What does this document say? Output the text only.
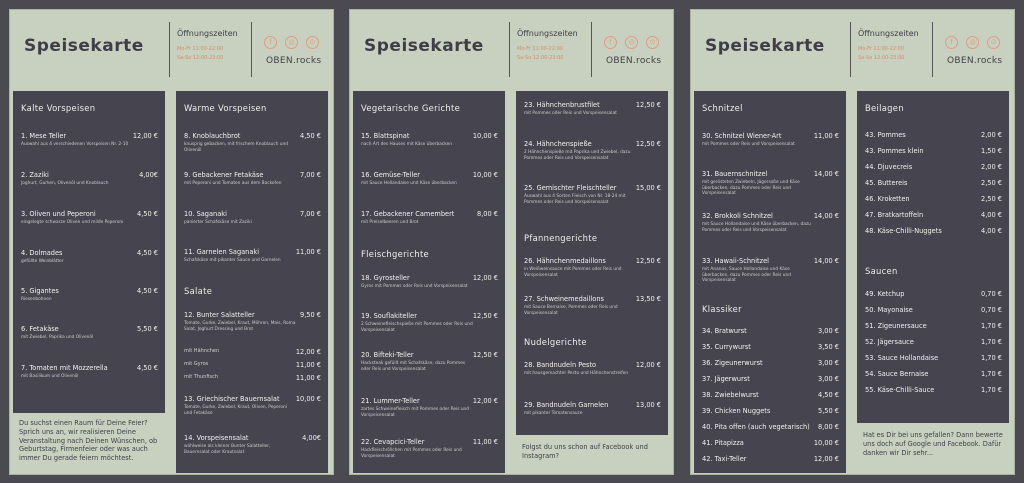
Speisekarte
Öffnungszeiten
Mo-Fr 11:00-22:00
Sa-So 12:00-23:00
f	◎	⊙
OBEN.rocks
Kalte Vorspeisen
1. Mese Teller	12,00 €
Auswahl aus 4 verschiedenen Vorspeisen Nr. 2-10
2. Zaziki	4,00€
Joghurt, Gurken, Olivenöl und Knoblauch
3. Oliven und Peperoni	4,50 €
eingelegte schwarze Oliven und milde Peperoni
4. Dolmades	4,50 €
gefüllte Weinblätter
5. Gigantes	4,50 €
Riesenbohnen
6. Fetakäse	5,50 €
mit Zwiebel, Paprika und Olivenöl
7. Tomaten mit Mozzerella	4,50 €
mit Basilikum und Olivenöl
Du suchst einen Raum für Deine Feier? Sprich uns an, wir realisieren Deine Veranstaltung nach Deinen Wünschen, ob Geburtstag, Firmenfeier oder was auch immer Du gerade feiern möchtest.
Warme Vorspeisen
8. Knoblauchbrot	4,50 €
knusprig gebacken, mit frischem Knoblauch und Olivenöl
9. Gebackener Fetakäse	7,00 €
mit Peperoni und Tomaten aus dem Backofen
10. Saganaki	7,00 €
panierter Schafskäse mit Zaziki
11. Garnelen Saganaki	11,00 €
Schafskäse mit pikanter Sauce und Garnelen
Salate
12. Bunter Salatteller	9,50 €
Tomate, Gurke, Zwiebel, Kraut, Möhren, Mais, Roma Salat, Joghurt Dressing und Brot
mit Hähnchen	12,00 €
mit Gyros	11,00 €
mit Thunfisch	11,00 €
13. Griechischer Bauernsalat 10,00 €
Tomate, Gurke, Zwiebel, Kraut, Oliven, Peperoni und Fetakäse
14. Vorspeisensalat	4,00€
wählweise als kleiner Bunter Salatteller, Bauernsalat oder Krautsalat
Speisekarte
Öffnungszeiten
Mo-Fr 11:00-22:00
Sa-So 12:00-23:00
f	◎	⊙
OBEN.rocks
Vegetarische Gerichte
15. Blattspinat	10,00 €
nach Art des Hauses mit Käse überbacken
16. Gemüse-Teller	10,00 €
mit Sauce Hollandaise und Käse überbacken
17. Gebackener Camembert	8,00 €
mit Preiselbeeren und Brot
Fleischgerichte
18. Gyrosteller	12,00 €
Gyros mit Pommes oder Reis und Vorspeisensalat
19. Souflakiteller	12,50 €
2 Schweinefleischspieße mit Pommes oder Reis und Vorspeisensalat
20. Bifteki-Teller	12,50 €
Hacksteak gefüllt mit Schafskäse, dazu Pommes oder Reis und Vorspeisensalat
21. Lummer-Teller	12,00 €
zartes Schweinefleisch mit Pommes oder Reis und Vorspeisensalat
22. Cevapcici-Teller	11,00 €
Hackfleischröllchen mit Pommes oder Reis und Vorspeisensalat
23. Hähnchenbrustfilet	12,50 €
mit Pommes oder Reis und Vorspeisensalat
24. Hähnchenspieße	12,50 €
2 Hähnchenspieße mit Paprika und Zwiebel, dazu Pommes oder Reis und Vorspeisensalat
25. Gemischter Fleischteller	15,00 €
Auswahl aus 4 Sorten Fleisch von Nr. 18-24 mit Pommes oder Reis und Vorspeisensalat
Pfannengerichte
26. Hähnchenmedaillons	12,50 €
in Weißweinsauce mit Pommes oder Reis und Vorspeisensalat
27. Schweinemedaillons	13,50 €
mit Sauce Bernaise, Pommes oder Reis und Vorspeisensalat
Nudelgerichte
28. Bandnudeln Pesto	12,00 €
mit hausgemachter Pesto und Hähnchenstreifen
29. Bandnudeln Garnelen	13,00 €
mit pikanter Tomatensauce
Folgst du uns schon auf Facebook und Instagram?
Speisekarte
Öffnungszeiten
Mo-Fr 11:00-22:00
Sa-So 12:00-23:00
f	◎	⊙
OBEN.rocks
Schnitzel
30. Schnitzel Wiener-Art	11,00 €
mit Pommes oder Reis und Vorspeisensalat
31. Bauernschnitzel	14,00 €
mit gerösteten Zwiebeln, Jägersoße und Käse überbacken, dazu Pommes oder Reis und Vorspeisensalat
32. Brokkoli Schnitzel	14,00 €
mit Sauce Hollandaise und Käse überbacken, dazu Pommes oder Reis und Vorspeisensalat
33. Hawaii-Schnitzel	14,00 €
mit Ananas, Sauce Hollandaise und Käse überbacken, dazu Pommes oder Reis und Vorspeisensalat
Klassiker
34. Bratwurst	3,00 €
35. Currywurst	3,50 €
36. Zigeunerwurst	3,00 €
37. Jägerwurst	3,00 €
38. Zwiebelwurst	4,50 €
39. Chicken Nuggets	5,50 €
40. Pita offen (auch vegetarisch) 8,00 €
41. Pitapizza	10,00 €
42. Taxi-Teller	12,00 €
Beilagen
43. Pommes	2,00 €
43. Pommes klein	1,50 €
44. Djuvecreis	2,00 €
45. Buttereis	2,50 €
46. Kroketten	2,50 €
47. Bratkartoffeln	4,00 €
48. Käse-Chilli-Nuggets	4,00 €
Saucen
49. Ketchup	0,70 €
50. Mayonaise	0,70 €
51. Zigeunersauce	1,70 €
52. Jägersauce	1,70 €
53. Sauce Hollandaise	1,70 €
54. Sauce Bernaise	1,70 €
55. Käse-Chilli-Sauce	1,70 €
Hat es Dir bei uns gefallen? Dann bewerte uns doch auf Google und Facebook. Dafür danken wir Dir sehr...
